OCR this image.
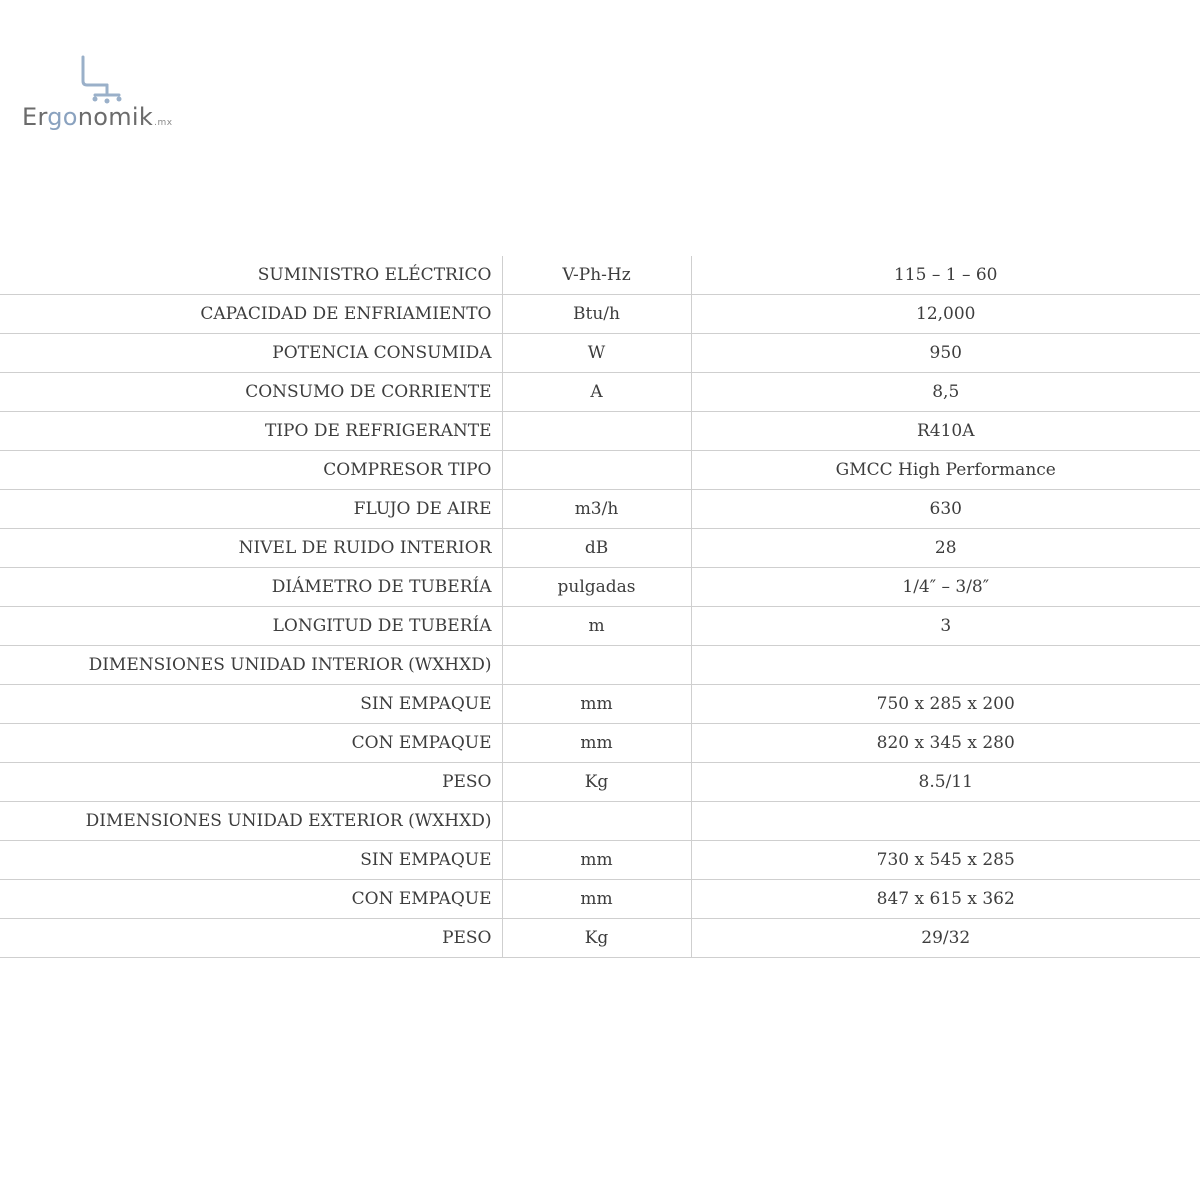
Ergonomik.mx
SUMINISTRO ELÉCTRICO	V-Ph-Hz	115 – 1 – 60
CAPACIDAD DE ENFRIAMIENTO	Btu/h	12,000
POTENCIA CONSUMIDA	W	950
CONSUMO DE CORRIENTE	A	8,5
TIPO DE REFRIGERANTE		R410A
COMPRESOR TIPO		GMCC High Performance
FLUJO DE AIRE	m3/h	630
NIVEL DE RUIDO INTERIOR	dB	28
DIÁMETRO DE TUBERÍA	pulgadas	1/4″ – 3/8″
LONGITUD DE TUBERÍA	m	3
DIMENSIONES UNIDAD INTERIOR (WXHXD)		
SIN EMPAQUE	mm	750 x 285 x 200
CON EMPAQUE	mm	820 x 345 x 280
PESO	Kg	8.5/11
DIMENSIONES UNIDAD EXTERIOR (WXHXD)		
SIN EMPAQUE	mm	730 x 545 x 285
CON EMPAQUE	mm	847 x 615 x 362
PESO	Kg	29/32
